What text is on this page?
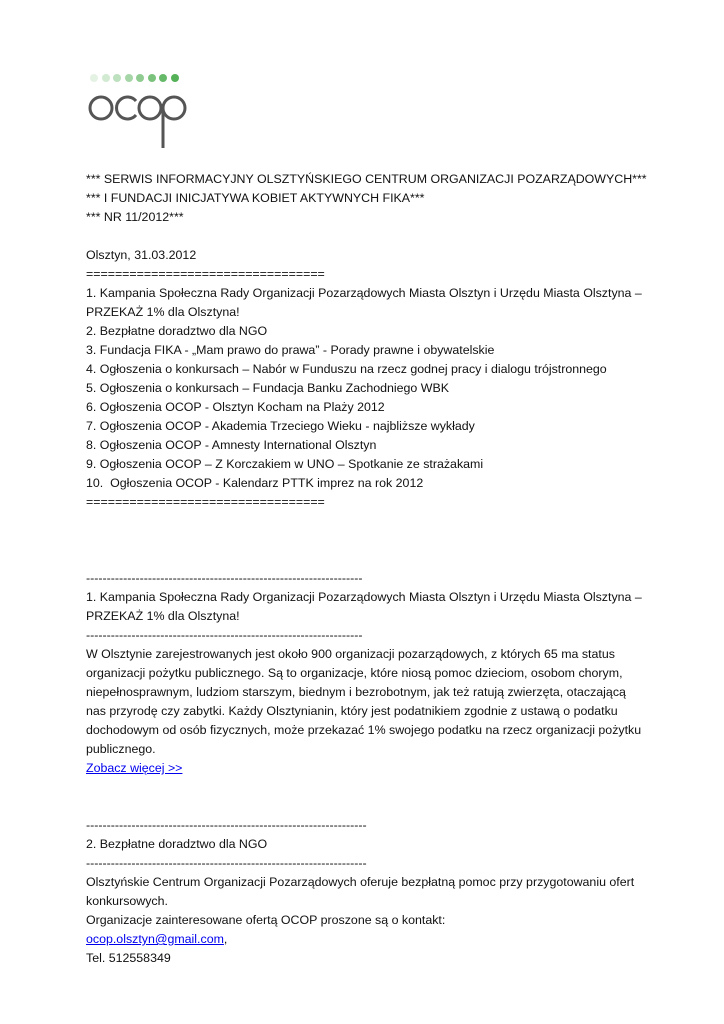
*** SERWIS INFORMACYJNY OLSZTYŃSKIEGO CENTRUM ORGANIZACJI POZARZĄDOWYCH***
*** I FUNDACJI INICJATYWA KOBIET AKTYWNYCH FIKA***
*** NR 11/2012***
Olsztyn, 31.03.2012
=================================
1. Kampania Społeczna Rady Organizacji Pozarządowych Miasta Olsztyn i Urzędu Miasta Olsztyna –
PRZEKAŻ 1% dla Olsztyna!
2. Bezpłatne doradztwo dla NGO
3. Fundacja FIKA - „Mam prawo do prawa” - Porady prawne i obywatelskie
4. Ogłoszenia o konkursach – Nabór w Funduszu na rzecz godnej pracy i dialogu trójstronnego
5. Ogłoszenia o konkursach – Fundacja Banku Zachodniego WBK
6. Ogłoszenia OCOP - Olsztyn Kocham na Plaży 2012
7. Ogłoszenia OCOP - Akademia Trzeciego Wieku - najbliższe wykłady
8. Ogłoszenia OCOP - Amnesty International Olsztyn
9. Ogłoszenia OCOP – Z Korczakiem w UNO – Spotkanie ze strażakami
10.  Ogłoszenia OCOP - Kalendarz PTTK imprez na rok 2012
=================================
-------------------------------------------------------------------
1. Kampania Społeczna Rady Organizacji Pozarządowych Miasta Olsztyn i Urzędu Miasta Olsztyna –
PRZEKAŻ 1% dla Olsztyna!
-------------------------------------------------------------------
W Olsztynie zarejestrowanych jest około 900 organizacji pozarządowych, z których 65 ma status
organizacji pożytku publicznego. Są to organizacje, które niosą pomoc dzieciom, osobom chorym,
niepełnosprawnym, ludziom starszym, biednym i bezrobotnym, jak też ratują zwierzęta, otaczającą
nas przyrodę czy zabytki. Każdy Olsztynianin, który jest podatnikiem zgodnie z ustawą o podatku
dochodowym od osób fizycznych, może przekazać 1% swojego podatku na rzecz organizacji pożytku
publicznego.
Zobacz więcej >>
--------------------------------------------------------------------
2. Bezpłatne doradztwo dla NGO
--------------------------------------------------------------------
Olsztyńskie Centrum Organizacji Pozarządowych oferuje bezpłatną pomoc przy przygotowaniu ofert
konkursowych.
Organizacje zainteresowane ofertą OCOP proszone są o kontakt:
ocop.olsztyn@gmail.com,
Tel. 512558349
